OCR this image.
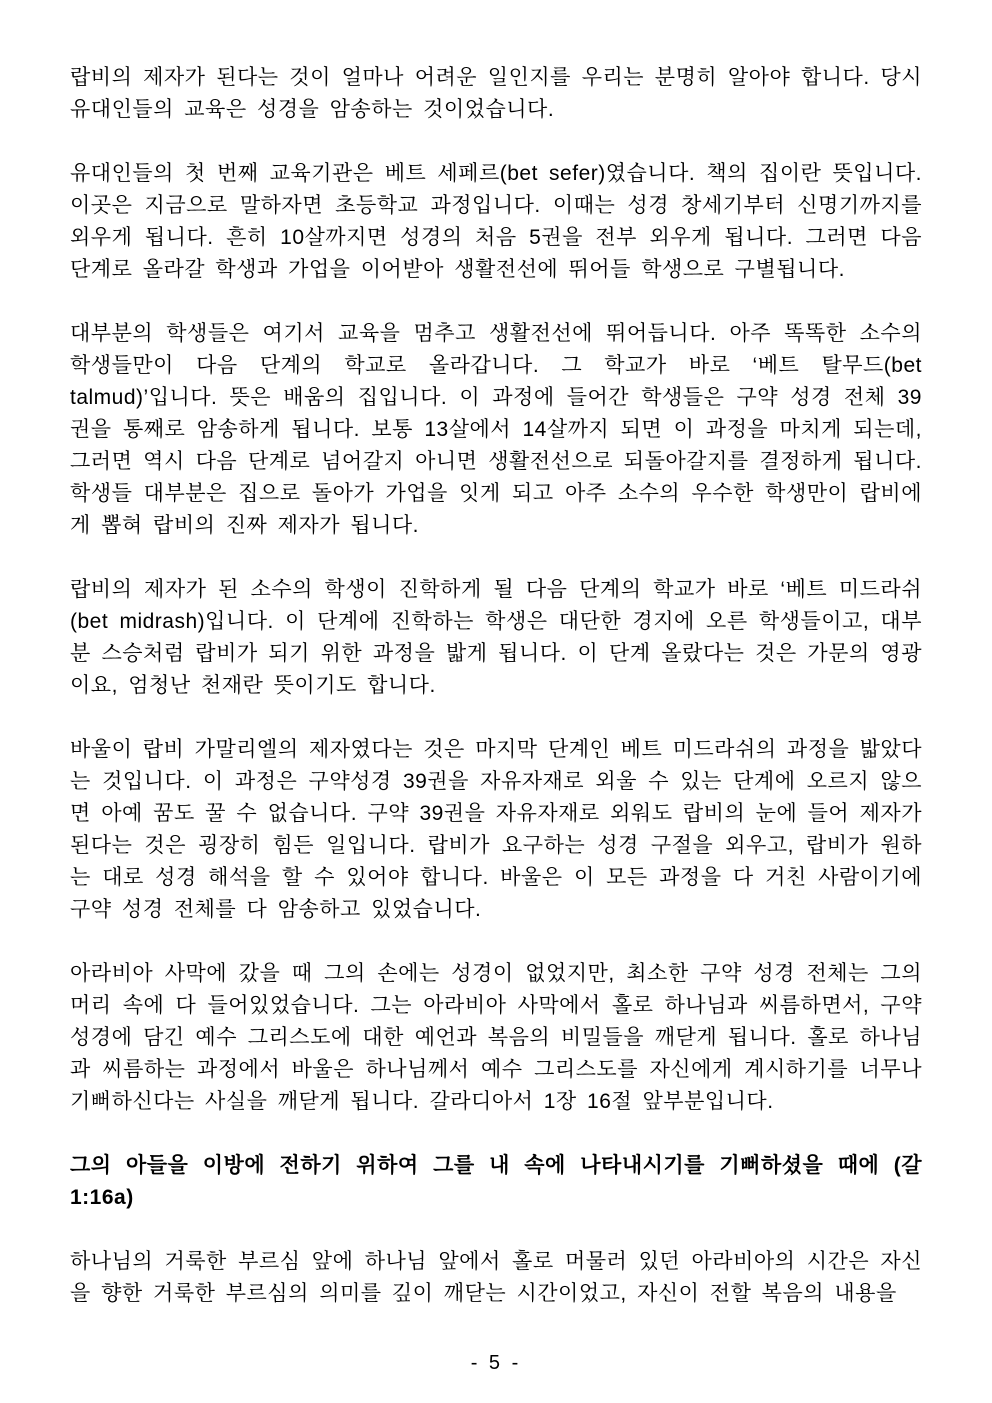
랍비의 제자가 된다는 것이 얼마나 어려운 일인지를 우리는 분명히 알아야 합니다. 당시 유대인들의 교육은 성경을 암송하는 것이었습니다.

유대인들의 첫 번째 교육기관은 베트 세페르(bet sefer)였습니다. 책의 집이란 뜻입니다. 이곳은 지금으로 말하자면 초등학교 과정입니다. 이때는 성경 창세기부터 신명기까지를 외우게 됩니다. 흔히 10살까지면 성경의 처음 5권을 전부 외우게 됩니다. 그러면 다음 단계로 올라갈 학생과 가업을 이어받아 생활전선에 뛰어들 학생으로 구별됩니다.

대부분의 학생들은 여기서 교육을 멈추고 생활전선에 뛰어듭니다. 아주 똑똑한 소수의 학생들만이 다음 단계의 학교로 올라갑니다. 그 학교가 바로 ‘베트 탈무드(bet talmud)’입니다. 뜻은 배움의 집입니다. 이 과정에 들어간 학생들은 구약 성경 전체 39권을 통째로 암송하게 됩니다. 보통 13살에서 14살까지 되면 이 과정을 마치게 되는데, 그러면 역시 다음 단계로 넘어갈지 아니면 생활전선으로 되돌아갈지를 결정하게 됩니다. 학생들 대부분은 집으로 돌아가 가업을 잇게 되고 아주 소수의 우수한 학생만이 랍비에게 뽑혀 랍비의 진짜 제자가 됩니다.

랍비의 제자가 된 소수의 학생이 진학하게 될 다음 단계의 학교가 바로 ‘베트 미드라쉬(bet midrash)입니다. 이 단계에 진학하는 학생은 대단한 경지에 오른 학생들이고, 대부분 스승처럼 랍비가 되기 위한 과정을 밟게 됩니다. 이 단계 올랐다는 것은 가문의 영광이요, 엄청난 천재란 뜻이기도 합니다.

바울이 랍비 가말리엘의 제자였다는 것은 마지막 단계인 베트 미드라쉬의 과정을 밟았다는 것입니다. 이 과정은 구약성경 39권을 자유자재로 외울 수 있는 단계에 오르지 않으면 아예 꿈도 꿀 수 없습니다. 구약 39권을 자유자재로 외워도 랍비의 눈에 들어 제자가 된다는 것은 굉장히 힘든 일입니다. 랍비가 요구하는 성경 구절을 외우고, 랍비가 원하는 대로 성경 해석을 할 수 있어야 합니다. 바울은 이 모든 과정을 다 거친 사람이기에 구약 성경 전체를 다 암송하고 있었습니다.

아라비아 사막에 갔을 때 그의 손에는 성경이 없었지만, 최소한 구약 성경 전체는 그의 머리 속에 다 들어있었습니다. 그는 아라비아 사막에서 홀로 하나님과 씨름하면서, 구약 성경에 담긴 예수 그리스도에 대한 예언과 복음의 비밀들을 깨닫게 됩니다. 홀로 하나님과 씨름하는 과정에서 바울은 하나님께서 예수 그리스도를 자신에게 계시하기를 너무나 기뻐하신다는 사실을 깨닫게 됩니다. 갈라디아서 1장 16절 앞부분입니다.

그의 아들을 이방에 전하기 위하여 그를 내 속에 나타내시기를 기뻐하셨을 때에 (갈 1:16a)

하나님의 거룩한 부르심 앞에 하나님 앞에서 홀로 머물러 있던 아라비아의 시간은 자신을 향한 거룩한 부르심의 의미를 깊이 깨닫는 시간이었고, 자신이 전할 복음의 내용을

- 5 -
